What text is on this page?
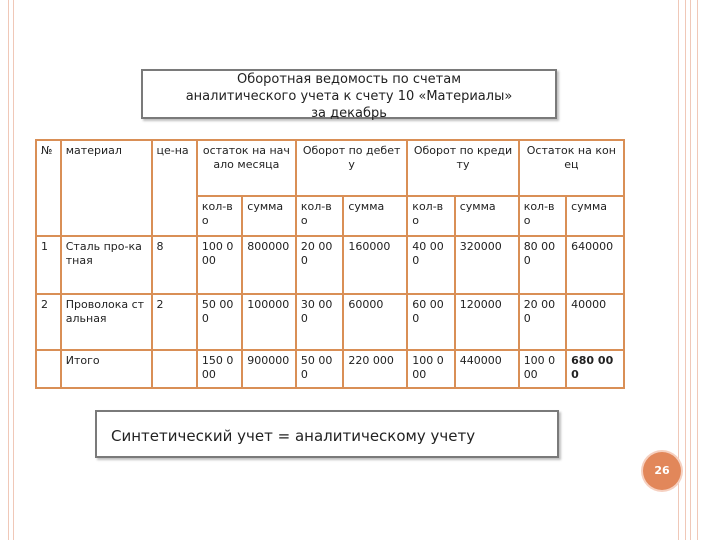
Оборотная ведомость по счетам
аналитического учета к счету 10 «Материалы»
за декабрь
№	материал	це-на	остаток на начало месяца		Оборот по дебету		Оборот по кредиту		Остаток на конец	
			кол-во	сумма	кол-во	сумма	кол-во	сумма	кол-во	сумма
1	Сталь про-катная	8	100 000	800000	20 000	160000	40 000	320000	80 000	640000
2	Проволока стальная	2	50 000	100000	30 000	60000	60 000	120000	20 000	40000
	Итого		150 000	900000	50 000	220 000	100 000	440000	100 000	680 000
Синтетический учет = аналитическому учету
26
